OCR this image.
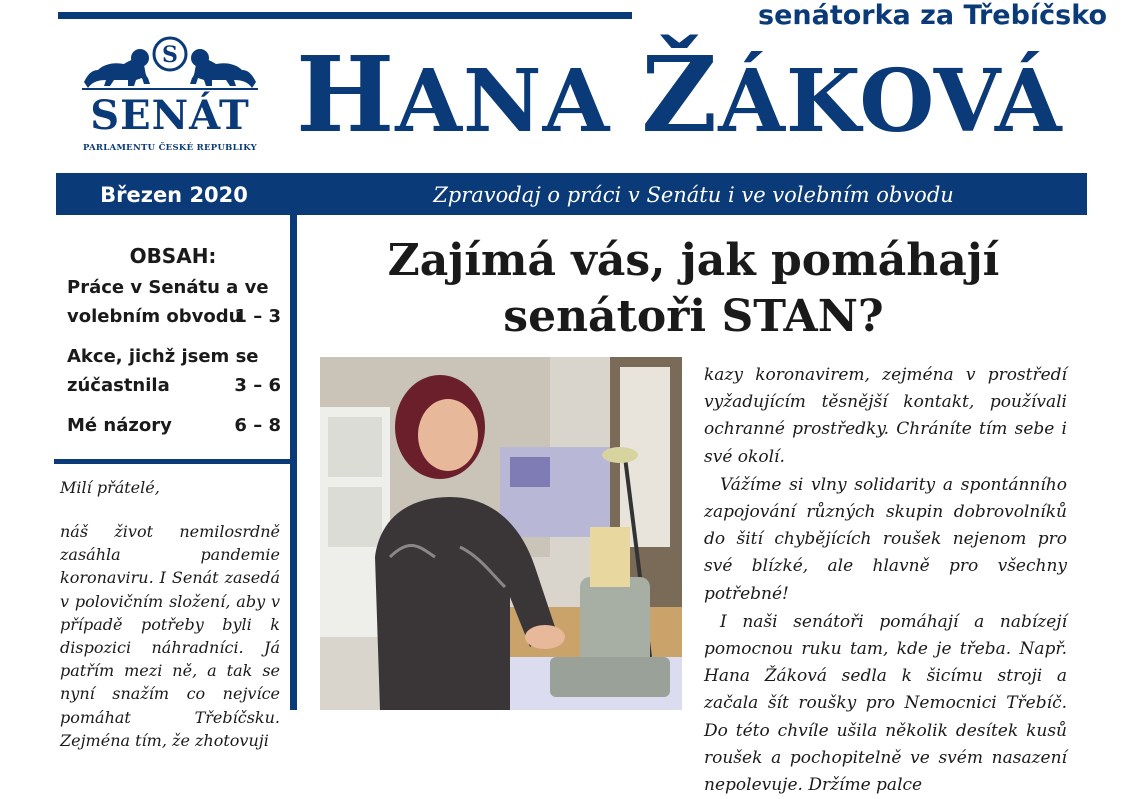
senátorka za Třebíčsko
HANA ŽÁKOVÁ
S
SENÁT
PARLAMENTU ČESKÉ REPUBLIKY
Březen 2020	Zpravodaj o práci v Senátu i ve volebním obvodu
OBSAH:
Práce v Senátu a ve
volebním obvodu
1 – 3
Akce, jichž jsem se
zúčastnila	3 – 6
Mé názory	6 – 8
Milí přátelé,
náš život nemilosrdně zasáhla pandemie koronaviru. I Senát zasedá v polovičním složení, aby v případě potřeby byli k dispozici náhradníci. Já patřím mezi ně, a tak se nyní snažím co nejvíce pomáhat Třebíčsku. Zejména tím, že zhotovuji
Zajímá vás, jak pomáhají
senátoři STAN?

kazy koronavirem, zejména v prostředí vyžadujícím těsnější kontakt, používali ochranné prostředky. Chráníte tím sebe i své okolí.

Vážíme si vlny solidarity a spontánního zapojování různých skupin dobrovolníků do šití chybějících roušek nejenom pro své blízké, ale hlavně pro všechny potřebné!

I naši senátoři pomáhají a nabízejí pomocnou ruku tam, kde je třeba. Např. Hana Žáková sedla k šicímu stroji a začala šít roušky pro Nemocnici Třebíč. Do této chvíle ušila několik desítek kusů roušek a pochopitelně ve svém nasazení nepolevuje. Držíme palce
